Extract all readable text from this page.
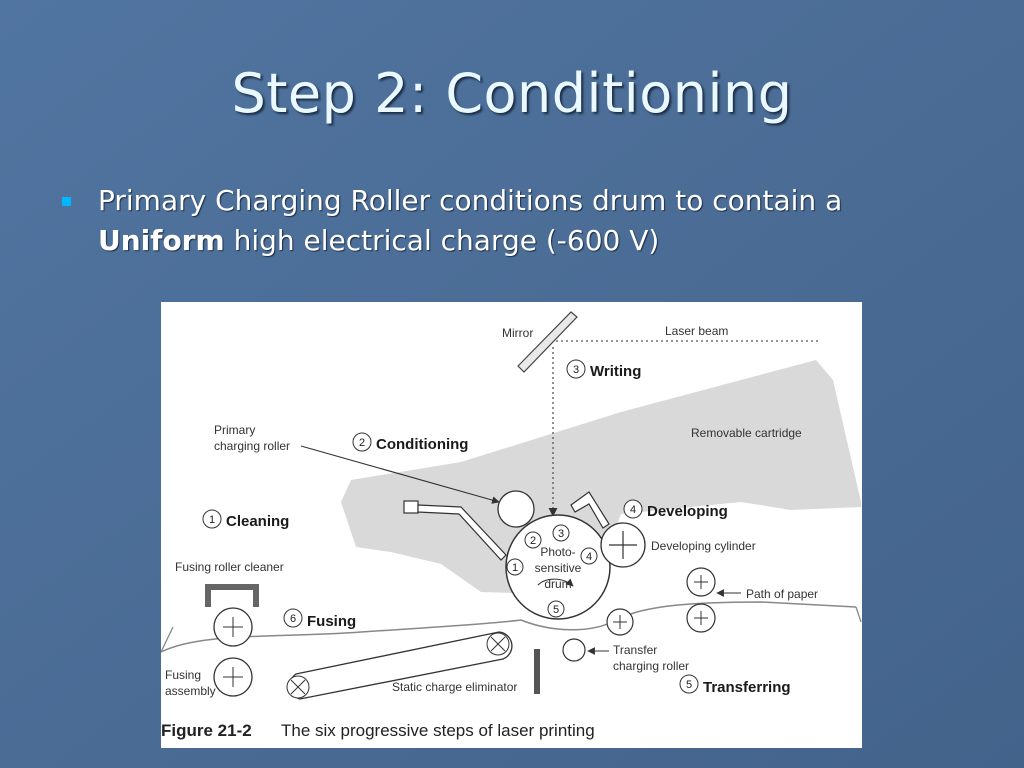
Step 2: Conditioning
Primary Charging Roller conditions drum to contain a Uniform high electrical charge (-600 V)
Photo-
sensitive
drum
2
3
4
1
5
Mirror	Laser beam
Primary
charging roller
Removable cartridge
Developing cylinder
Fusing roller cleaner
Path of paper
Fusing
assembly	Static charge eliminator
Transfer
charging roller
3 Writing
2 Conditioning
1 Cleaning
4 Developing
6 Fusing
5 Transferring
Figure 21-2 The six progressive steps of laser printing
